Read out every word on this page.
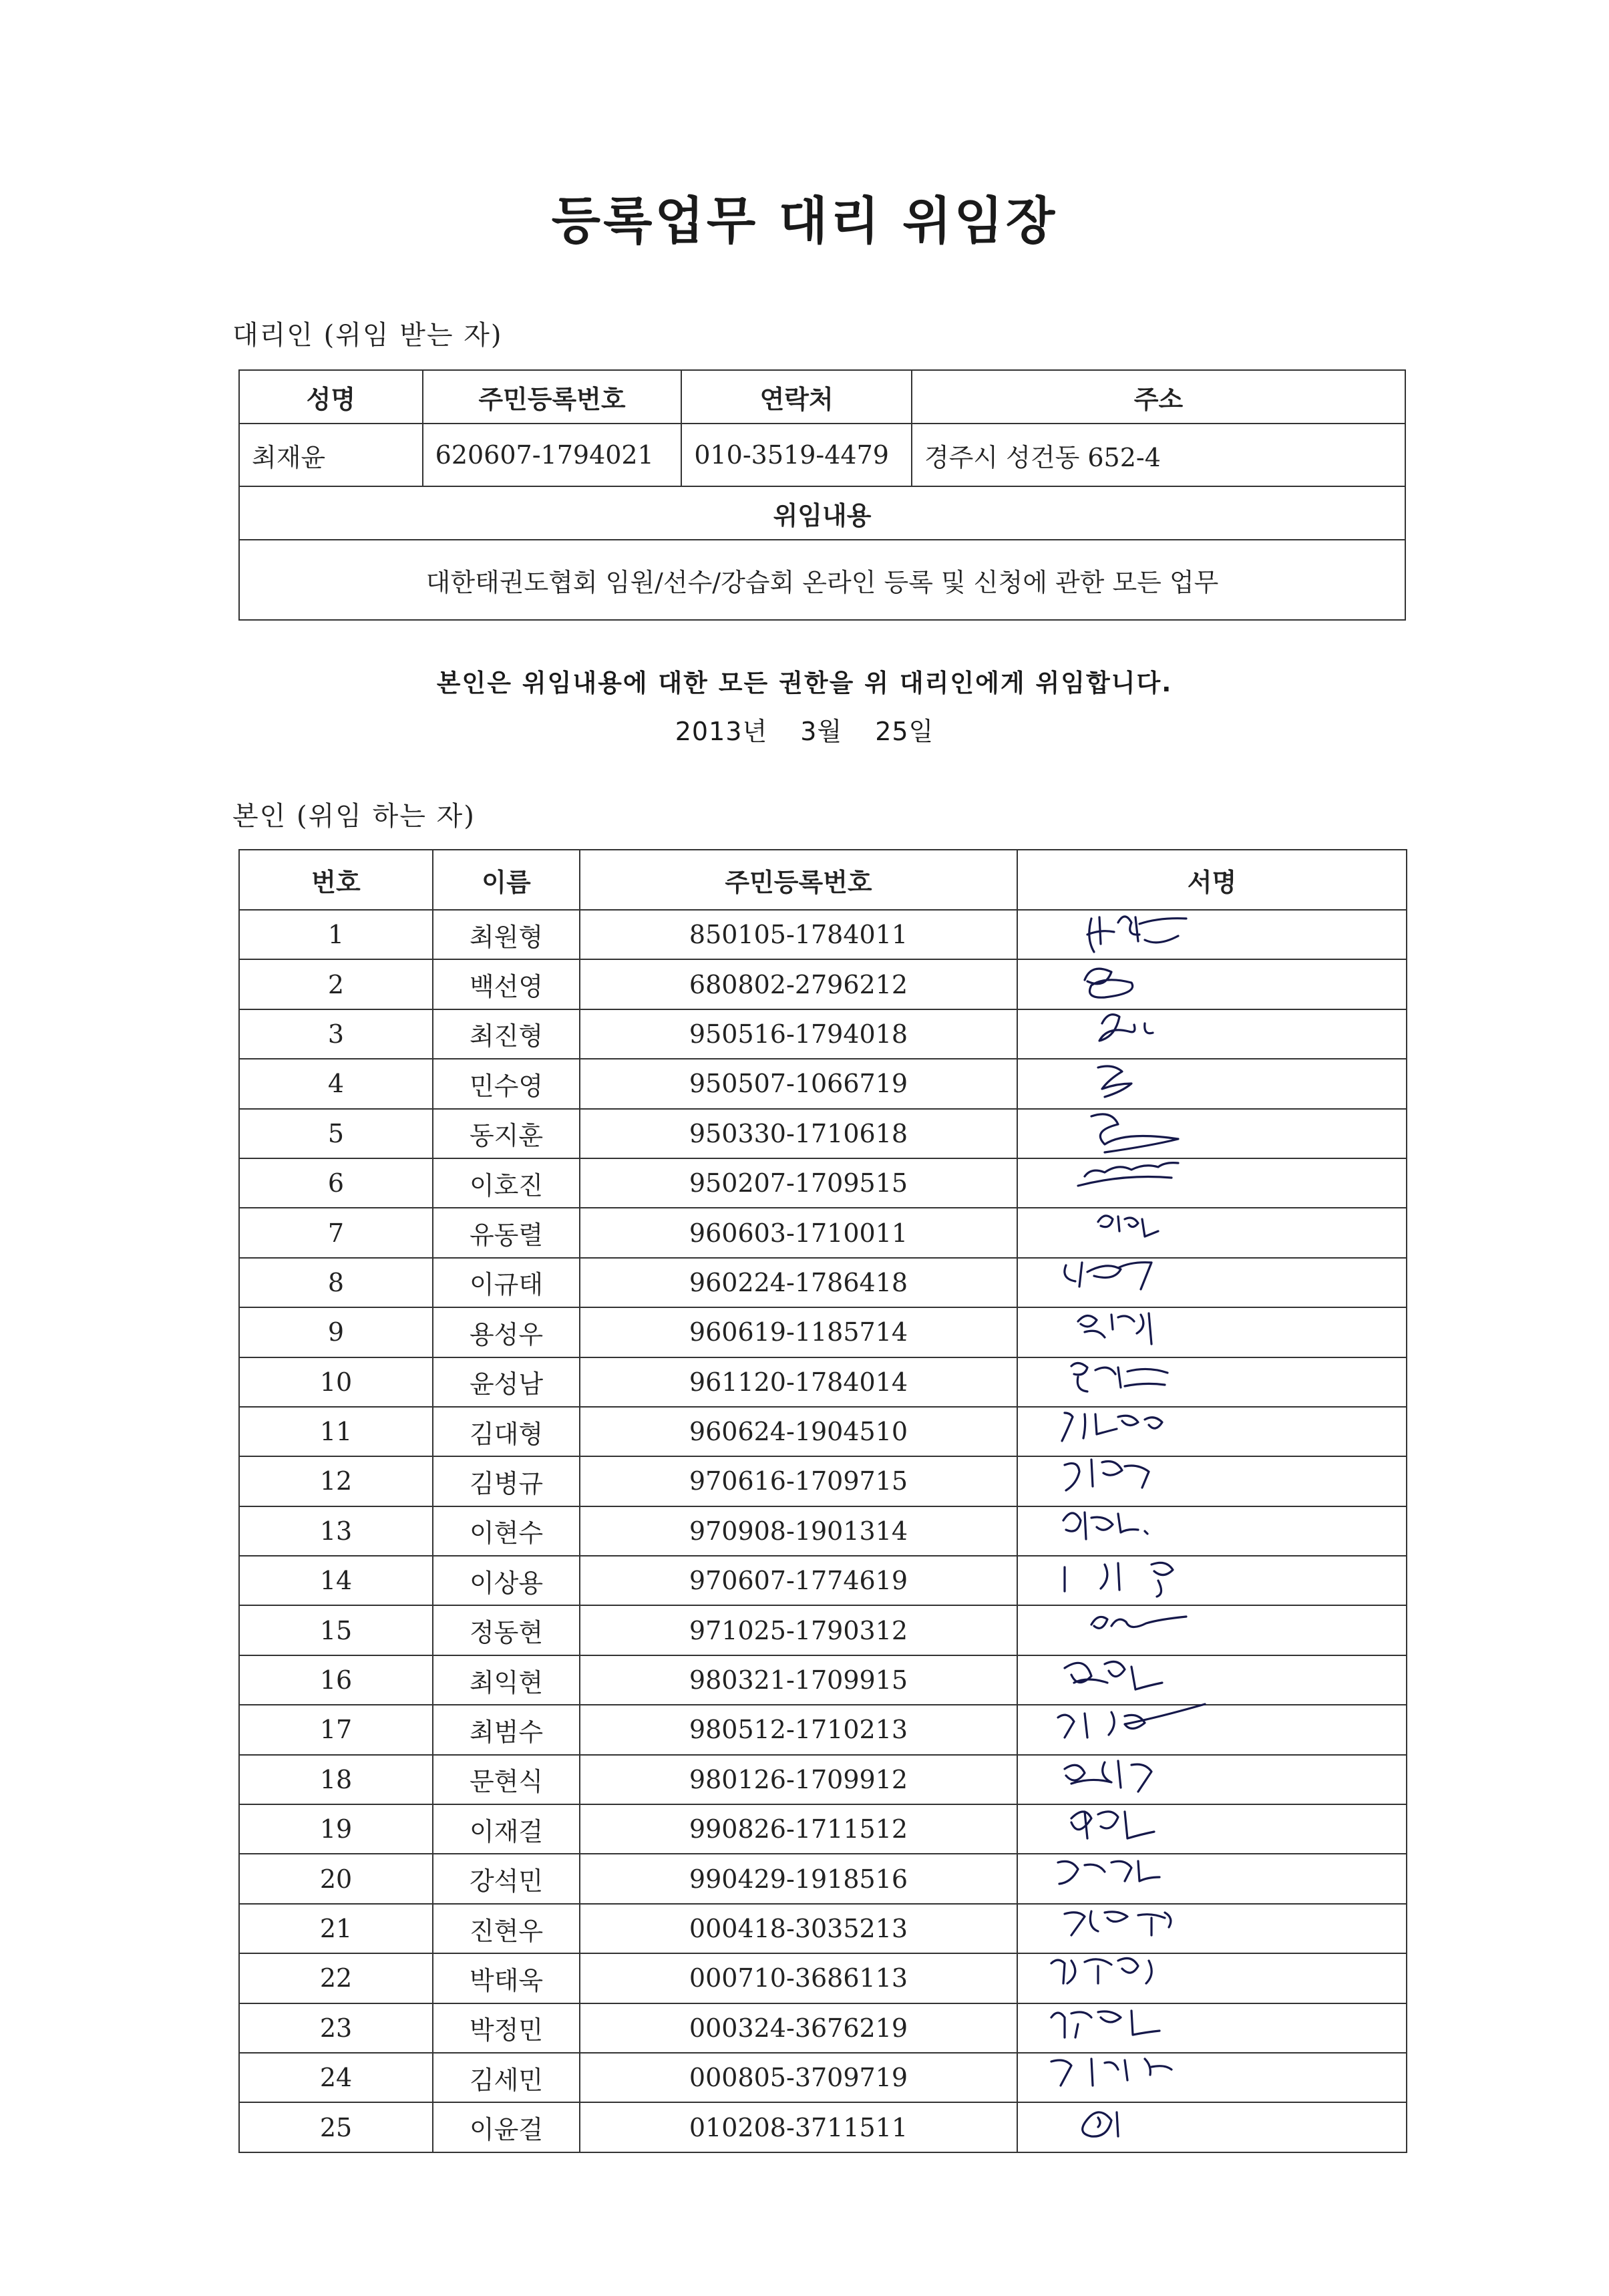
등록업무 대리 위임장
대리인 (위임 받는 자)
성명	주민등록번호	연락처	주소
최재윤	620607-1794021	010-3519-4479	경주시 성건동 652-4
위임내용			
대한태권도협회 임원/선수/강습회 온라인 등록 및 신청에 관한 모든 업무			
본인은 위임내용에 대한 모든 권한을 위 대리인에게 위임합니다.
2013년 3월 25일
본인 (위임 하는 자)
번호	이름	주민등록번호	서명
1	최원형	850105-1784011	

2	백선영	680802-2796212	

3	최진형	950516-1794018	

4	민수영	950507-1066719	

5	동지훈	950330-1710618	

6	이호진	950207-1709515	

7	유동렬	960603-1710011	

8	이규태	960224-1786418	

9	용성우	960619-1185714	

10	윤성남	961120-1784014	

11	김대형	960624-1904510	

12	김병규	970616-1709715	

13	이현수	970908-1901314	

14	이상용	970607-1774619	

15	정동현	971025-1790312	

16	최익현	980321-1709915	

17	최범수	980512-1710213	

18	문현식	980126-1709912	

19	이재걸	990826-1711512	

20	강석민	990429-1918516	

21	진현우	000418-3035213	

22	박태욱	000710-3686113	

23	박정민	000324-3676219	

24	김세민	000805-3709719	

25	이윤걸	010208-3711511	
